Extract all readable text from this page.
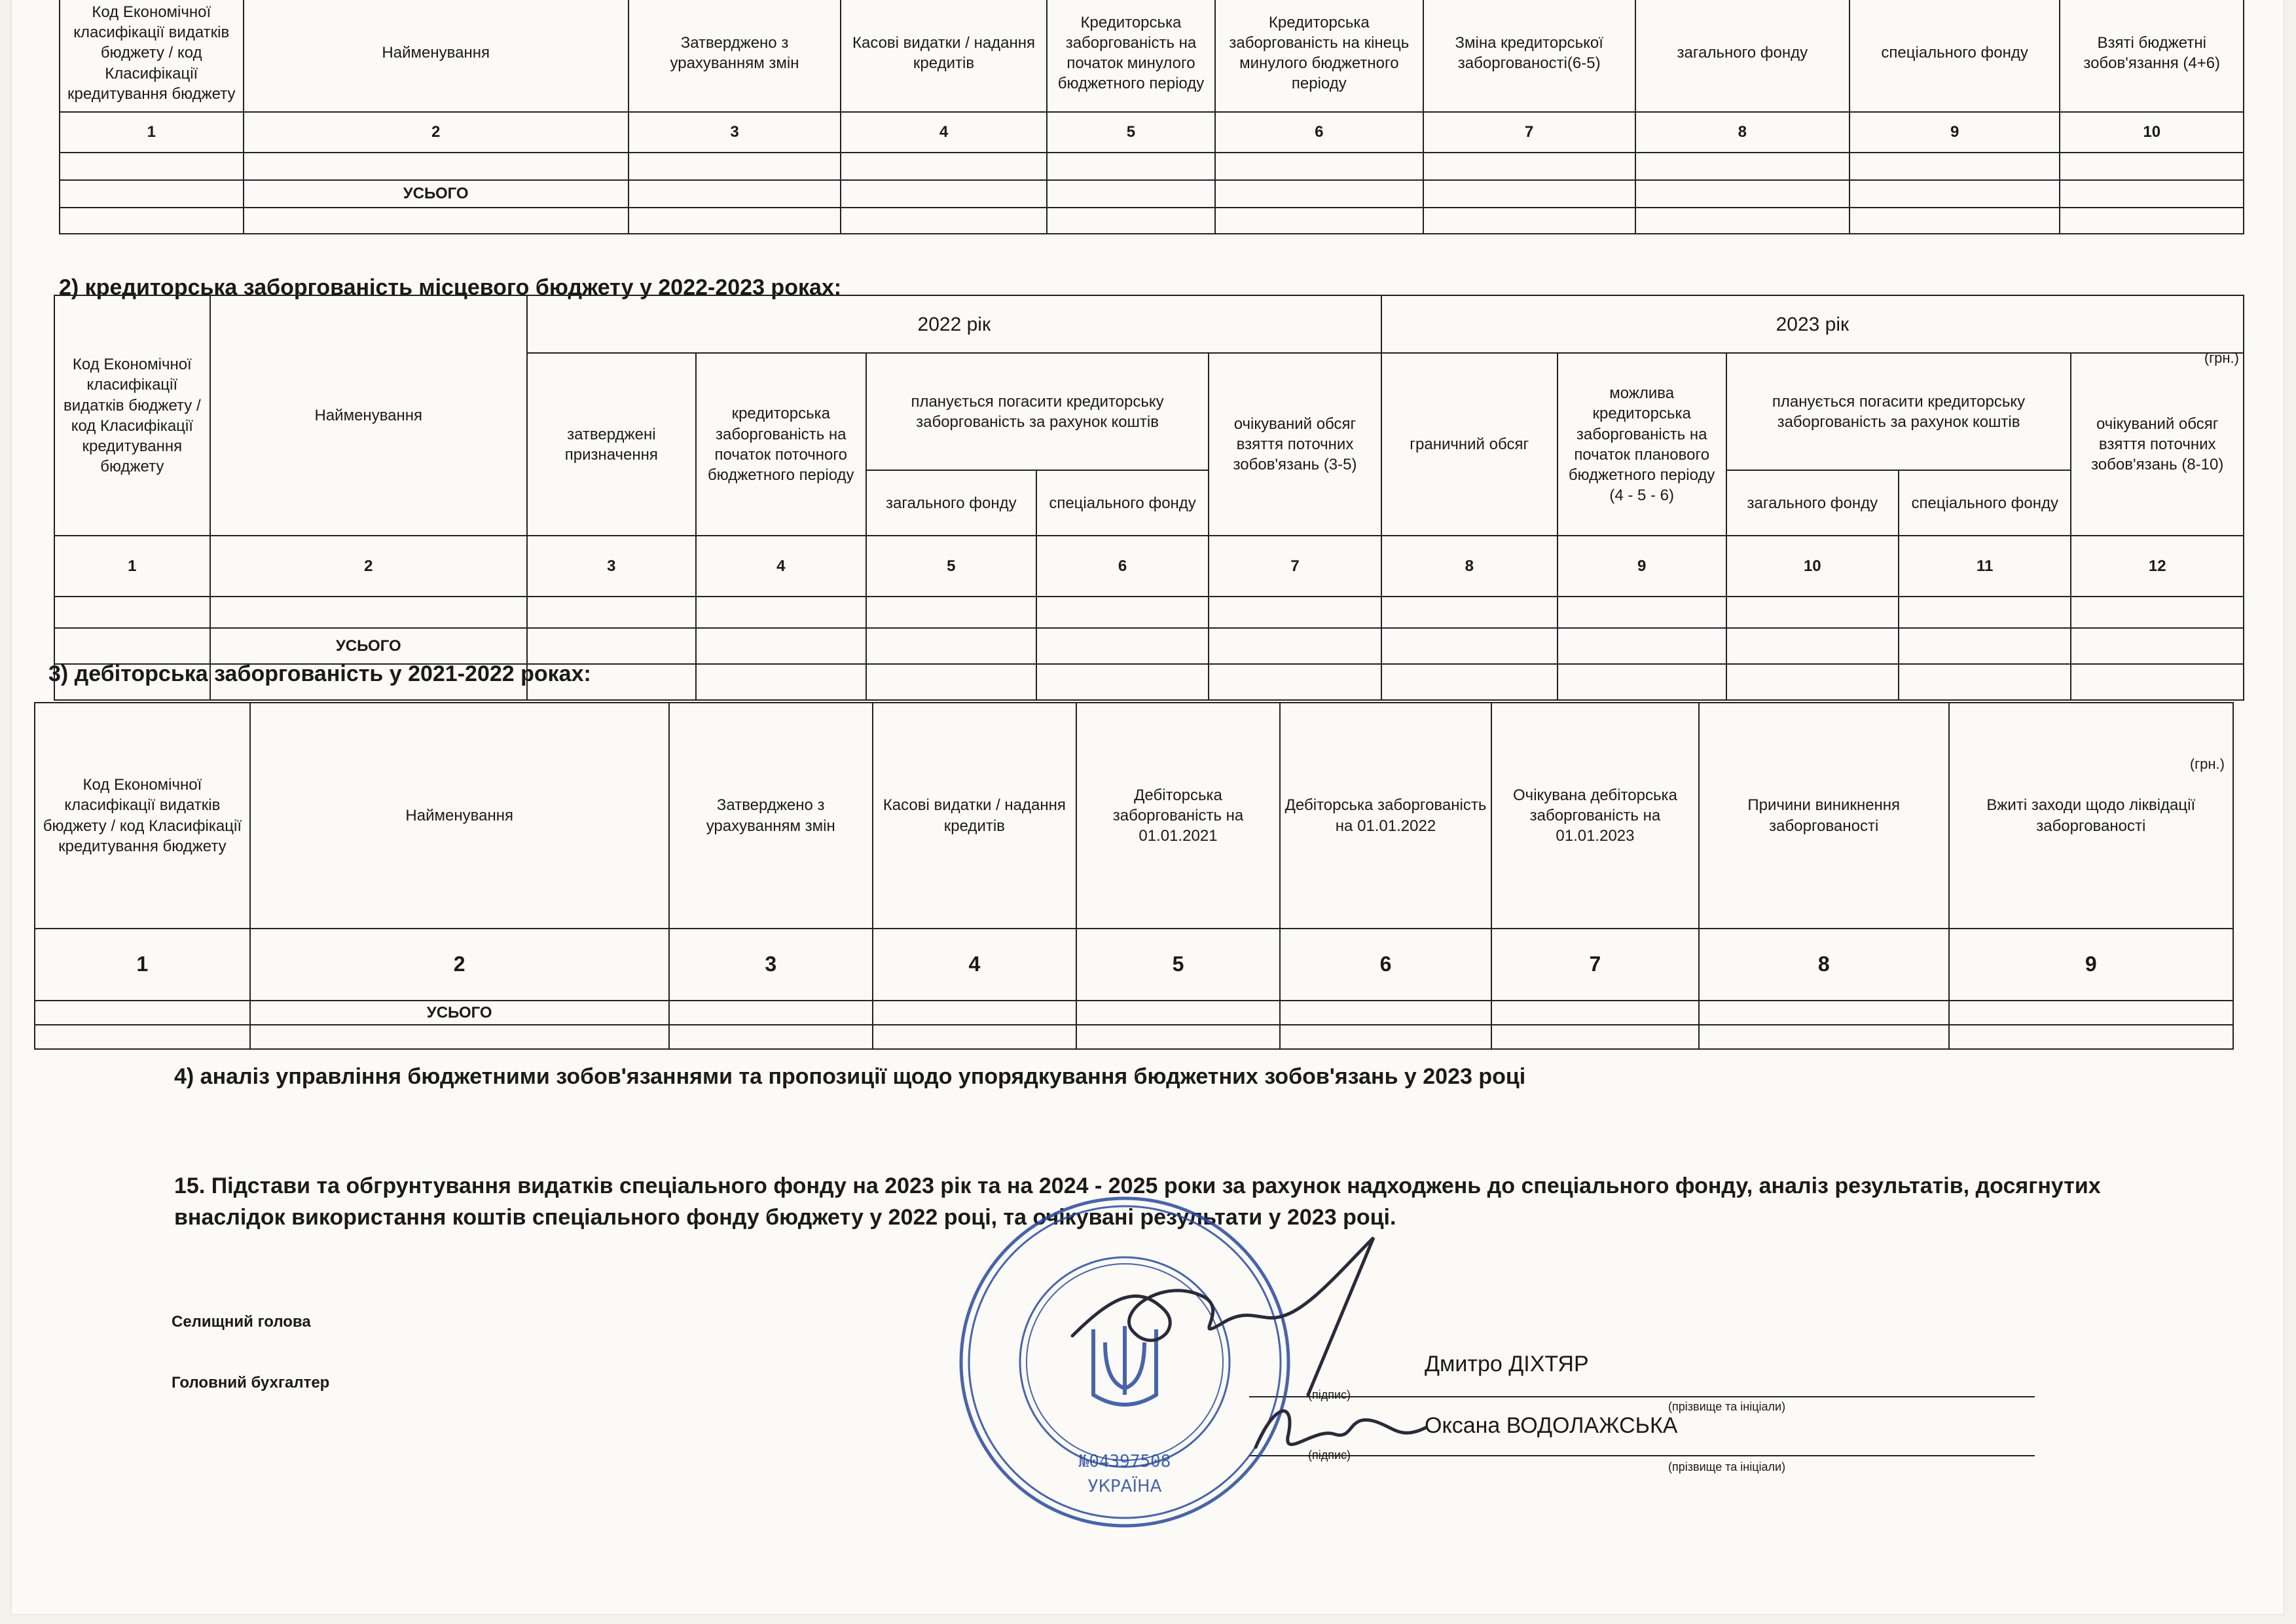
Код Економічної класифікації видатків бюджету / код Класифікації кредитування бюджету	Найменування	Затверджено з урахуванням змін	Касові видатки / надання кредитів	Кредиторська заборгованість на початок минулого бюджетного періоду	Кредиторська заборгованість на кінець минулого бюджетного періоду	Зміна кредиторської заборгованості(6-5)	загального фонду	спеціального фонду	Взяті бюджетні зобов'язання (4+6)
1	2	3	4	5	6	7	8	9	10

	УСЬОГО								

2) кредиторська заборгованість місцевого бюджету у 2022-2023 роках:
Код Економічної класифікації видатків бюджету / код Класифікації кредитування бюджету	Найменування	2022 рік					2023 рік				
		затверджені призначення	кредиторська заборгованість на початок поточного бюджетного періоду	планується погасити кредиторську заборгованість за рахунок коштів		очікуваний обсяг взяття поточних зобов'язань (3-5)	граничний обсяг	можлива кредиторська заборгованість на початок планового бюджетного періоду (4 - 5 - 6)	планується погасити кредиторську заборгованість за рахунок коштів		очікуваний обсяг взяття поточних зобов'язань (8-10)
				загального фонду	спеціального фонду				загального фонду	спеціального фонду	

1	2	3	4	5	6	7	8	9	10	11	12

	УСЬОГО										

(грн.)
3) дебіторська заборгованість у 2021-2022 роках:
Код Економічної класифікації видатків бюджету / код Класифікації кредитування бюджету	Найменування	Затверджено з урахуванням змін	Касові видатки / надання кредитів	Дебіторська заборгованість на 01.01.2021	Дебіторська заборгованість на 01.01.2022	Очікувана дебіторська заборгованість на 01.01.2023	Причини виникнення заборгованості	Вжиті заходи щодо ліквідації заборгованості
1	2	3	4	5	6	7	8	9
	УСЬОГО							

(грн.)
4) аналіз управління бюджетними зобов'язаннями та пропозиції щодо упорядкування бюджетних зобов'язань у 2023 році
15. Підстави та обгрунтування видатків спеціального фонду на 2023 рік та на 2024 - 2025 роки за рахунок надходжень до спеціального фонду, аналіз результатів, досягнутих
внаслідок використання коштів спеціального фонду бюджету у 2022 році, та очікувані результати у 2023 році.
Селищний голова
Головний бухгалтер
Дмитро ДІХТЯР
(підпис)
(прізвище та ініціали)
Оксана ВОДОЛАЖСЬКА
(підпис)
(прізвище та ініціали)
№04397508
УКРАЇНА
